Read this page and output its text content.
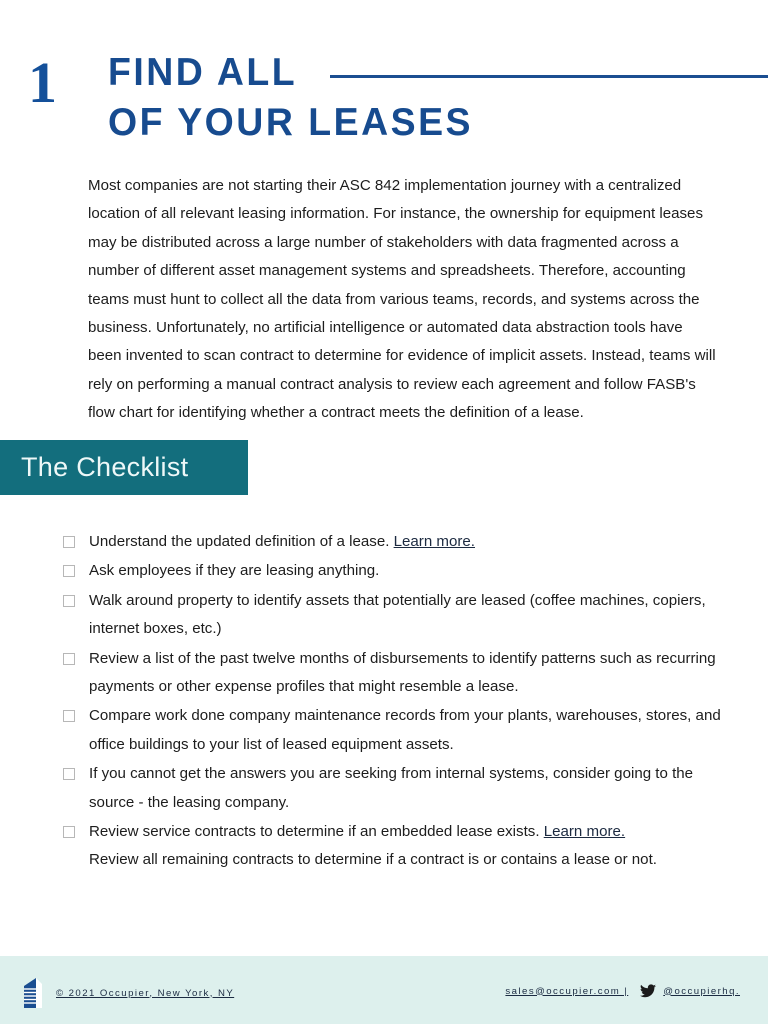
1 FIND ALL
OF YOUR LEASES
Most companies are not starting their ASC 842 implementation journey with a centralized location of all relevant leasing information. For instance, the ownership for equipment leases may be distributed across a large number of stakeholders with data fragmented across a number of different asset management systems and spreadsheets. Therefore, accounting teams must hunt to collect all the data from various teams, records, and systems across the business. Unfortunately, no artificial intelligence or automated data abstraction tools have been invented to scan contract to determine for evidence of implicit assets. Instead, teams will rely on performing a manual contract analysis to review each agreement and follow FASB's flow chart for identifying whether a contract meets the definition of a lease.
The Checklist
Understand the updated definition of a lease. Learn more.
Ask employees if they are leasing anything.
Walk around property to identify assets that potentially are leased (coffee machines, copiers, internet boxes, etc.)
Review a list of the past twelve months of disbursements to identify patterns such as recurring payments or other expense profiles that might resemble a lease.
Compare work done company maintenance records from your plants, warehouses, stores, and office buildings to your list of leased equipment assets.
If you cannot get the answers you are seeking from internal systems, consider going to the source - the leasing company.
Review service contracts to determine if an embedded lease exists. Learn more.
Review all remaining contracts to determine if a contract is or contains a lease or not.
© 2021 Occupier, New York, NY	sales@occupier.com |	@occupierhq.
